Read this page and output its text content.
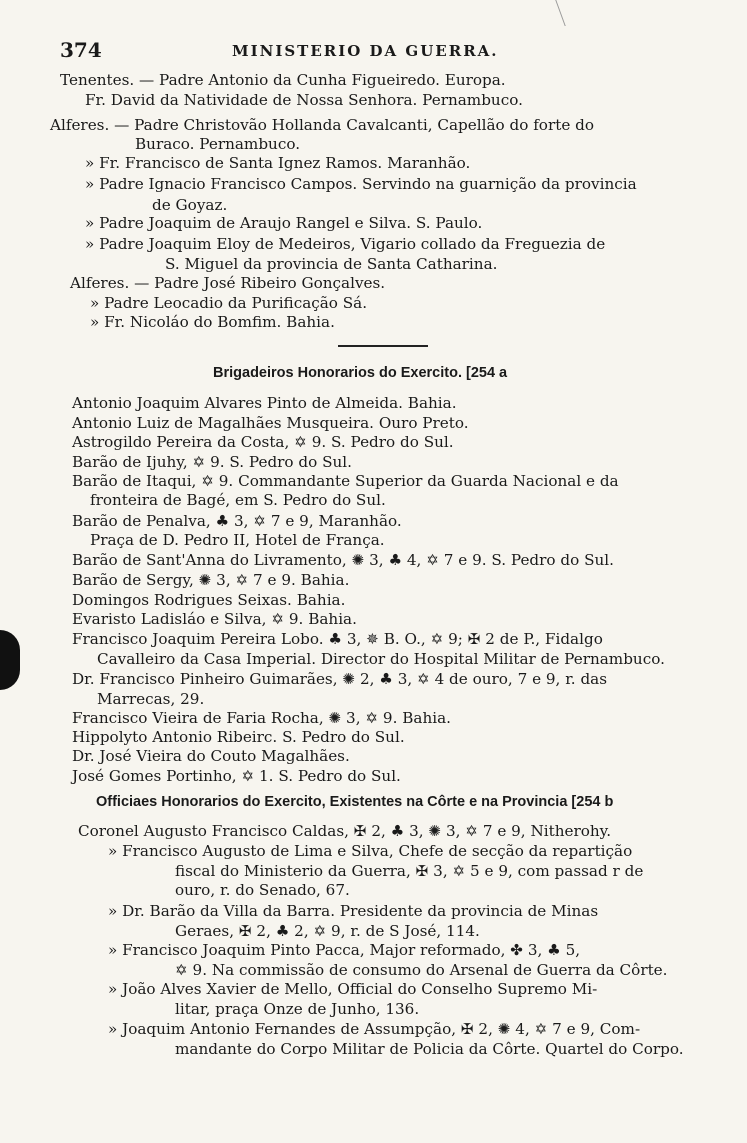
374	MINISTERIO DA GUERRA.
Tenentes. — Padre Antonio da Cunha Figueiredo. Europa.
Fr. David da Natividade de Nossa Senhora. Pernambuco.
Alferes. — Padre Christovão Hollanda Cavalcanti, Capellão do forte do
Buraco. Pernambuco.
» Fr. Francisco de Santa Ignez Ramos. Maranhão.
» Padre Ignacio Francisco Campos. Servindo na guarnição da provincia
de Goyaz.
» Padre Joaquim de Araujo Rangel e Silva. S. Paulo.
» Padre Joaquim Eloy de Medeiros, Vigario collado da Freguezia de
S. Miguel da provincia de Santa Catharina.
Alferes. — Padre José Ribeiro Gonçalves.
» Padre Leocadio da Purificação Sá.
» Fr. Nicoláo do Bomfim. Bahia.
Brigadeiros Honorarios do Exercito. [254 a
Antonio Joaquim Alvares Pinto de Almeida. Bahia.
Antonio Luiz de Magalhães Musqueira. Ouro Preto.
Astrogildo Pereira da Costa, ✡ 9. S. Pedro do Sul.
Barão de Ijuhy, ✡ 9. S. Pedro do Sul.
Barão de Itaqui, ✡ 9. Commandante Superior da Guarda Nacional e da
fronteira de Bagé, em S. Pedro do Sul.
Barão de Penalva, ♣ 3, ✡ 7 e 9, Maranhão.
Praça de D. Pedro II, Hotel de França.
Barão de Sant'Anna do Livramento, ✺ 3, ♣ 4, ✡ 7 e 9. S. Pedro do Sul.
Barão de Sergy, ✺ 3, ✡ 7 e 9. Bahia.
Domingos Rodrigues Seixas. Bahia.
Evaristo Ladisláo e Silva, ✡ 9. Bahia.
Francisco Joaquim Pereira Lobo. ♣ 3, ✵ B. O., ✡ 9; ✠ 2 de P., Fidalgo
Cavalleiro da Casa Imperial. Director do Hospital Militar de Pernambuco.
Dr. Francisco Pinheiro Guimarães, ✺ 2, ♣ 3, ✡ 4 de ouro, 7 e 9, r. das
Marrecas, 29.
Francisco Vieira de Faria Rocha, ✺ 3, ✡ 9. Bahia.
Hippolyto Antonio Ribeirc. S. Pedro do Sul.
Dr. José Vieira do Couto Magalhães.
José Gomes Portinho, ✡ 1. S. Pedro do Sul.
Officiaes Honorarios do Exercito, Existentes na Côrte e na Provincia [254 b
Coronel Augusto Francisco Caldas, ✠ 2, ♣ 3, ✺ 3, ✡ 7 e 9, Nitherohy.
» Francisco Augusto de Lima e Silva, Chefe de secção da repartição
fiscal do Ministerio da Guerra, ✠ 3, ✡ 5 e 9, com passad r de
ouro, r. do Senado, 67.
» Dr. Barão da Villa da Barra. Presidente da provincia de Minas
Geraes, ✠ 2, ♣ 2, ✡ 9, r. de S José, 114.
» Francisco Joaquim Pinto Pacca, Major reformado, ✤ 3, ♣ 5,
✡ 9. Na commissão de consumo do Arsenal de Guerra da Côrte.
» João Alves Xavier de Mello, Official do Conselho Supremo Mi-
litar, praça Onze de Junho, 136.
» Joaquim Antonio Fernandes de Assumpção, ✠ 2, ✺ 4, ✡ 7 e 9, Com-
mandante do Corpo Militar de Policia da Côrte. Quartel do Corpo.
